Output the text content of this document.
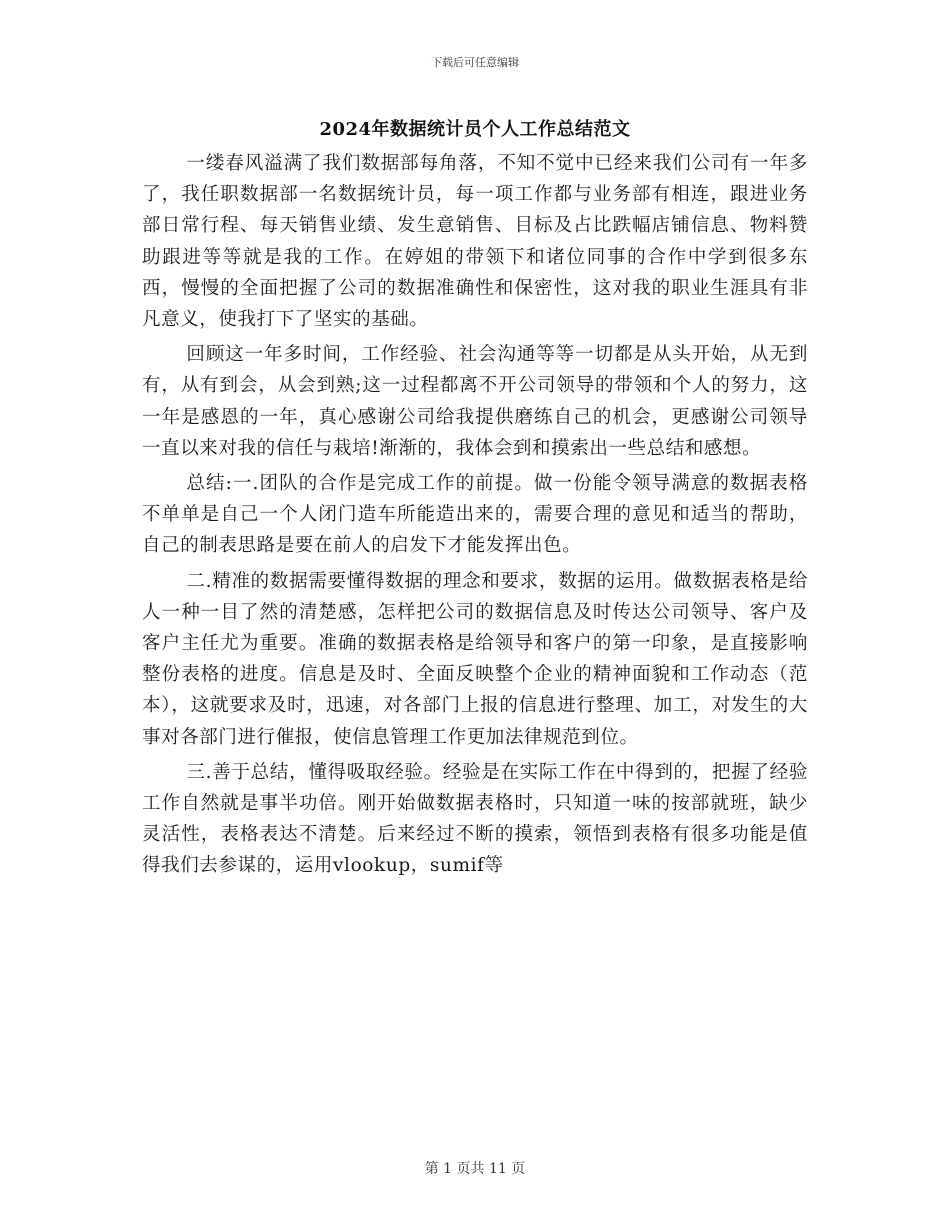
下载后可任意编辑
2024年数据统计员个人工作总结范文

一缕春风溢满了我们数据部每角落，不知不觉中已经来我们公司有一年多了，我任职数据部一名数据统计员，每一项工作都与业务部有相连，跟进业务部日常行程、每天销售业绩、发生意销售、目标及占比跌幅店铺信息、物料赞助跟进等等就是我的工作。在婷姐的带领下和诸位同事的合作中学到很多东西，慢慢的全面把握了公司的数据准确性和保密性，这对我的职业生涯具有非凡意义，使我打下了坚实的基础。

回顾这一年多时间，工作经验、社会沟通等等一切都是从头开始，从无到有，从有到会，从会到熟;这一过程都离不开公司领导的带领和个人的努力，这一年是感恩的一年，真心感谢公司给我提供磨练自己的机会，更感谢公司领导一直以来对我的信任与栽培!渐渐的，我体会到和摸索出一些总结和感想。

总结:一.团队的合作是完成工作的前提。做一份能令领导满意的数据表格不单单是自己一个人闭门造车所能造出来的，需要合理的意见和适当的帮助，自己的制表思路是要在前人的启发下才能发挥出色。

二.精准的数据需要懂得数据的理念和要求，数据的运用。做数据表格是给人一种一目了然的清楚感，怎样把公司的数据信息及时传达公司领导、客户及客户主任尤为重要。准确的数据表格是给领导和客户的第一印象，是直接影响整份表格的进度。信息是及时、全面反映整个企业的精神面貌和工作动态（范本），这就要求及时，迅速，对各部门上报的信息进行整理、加工，对发生的大事对各部门进行催报，使信息管理工作更加法律规范到位。

三.善于总结，懂得吸取经验。经验是在实际工作在中得到的，把握了经验工作自然就是事半功倍。刚开始做数据表格时，只知道一味的按部就班，缺少灵活性，表格表达不清楚。后来经过不断的摸索，领悟到表格有很多功能是值得我们去参谋的，运用vlookup，sumif等

第 1 页共 11 页
